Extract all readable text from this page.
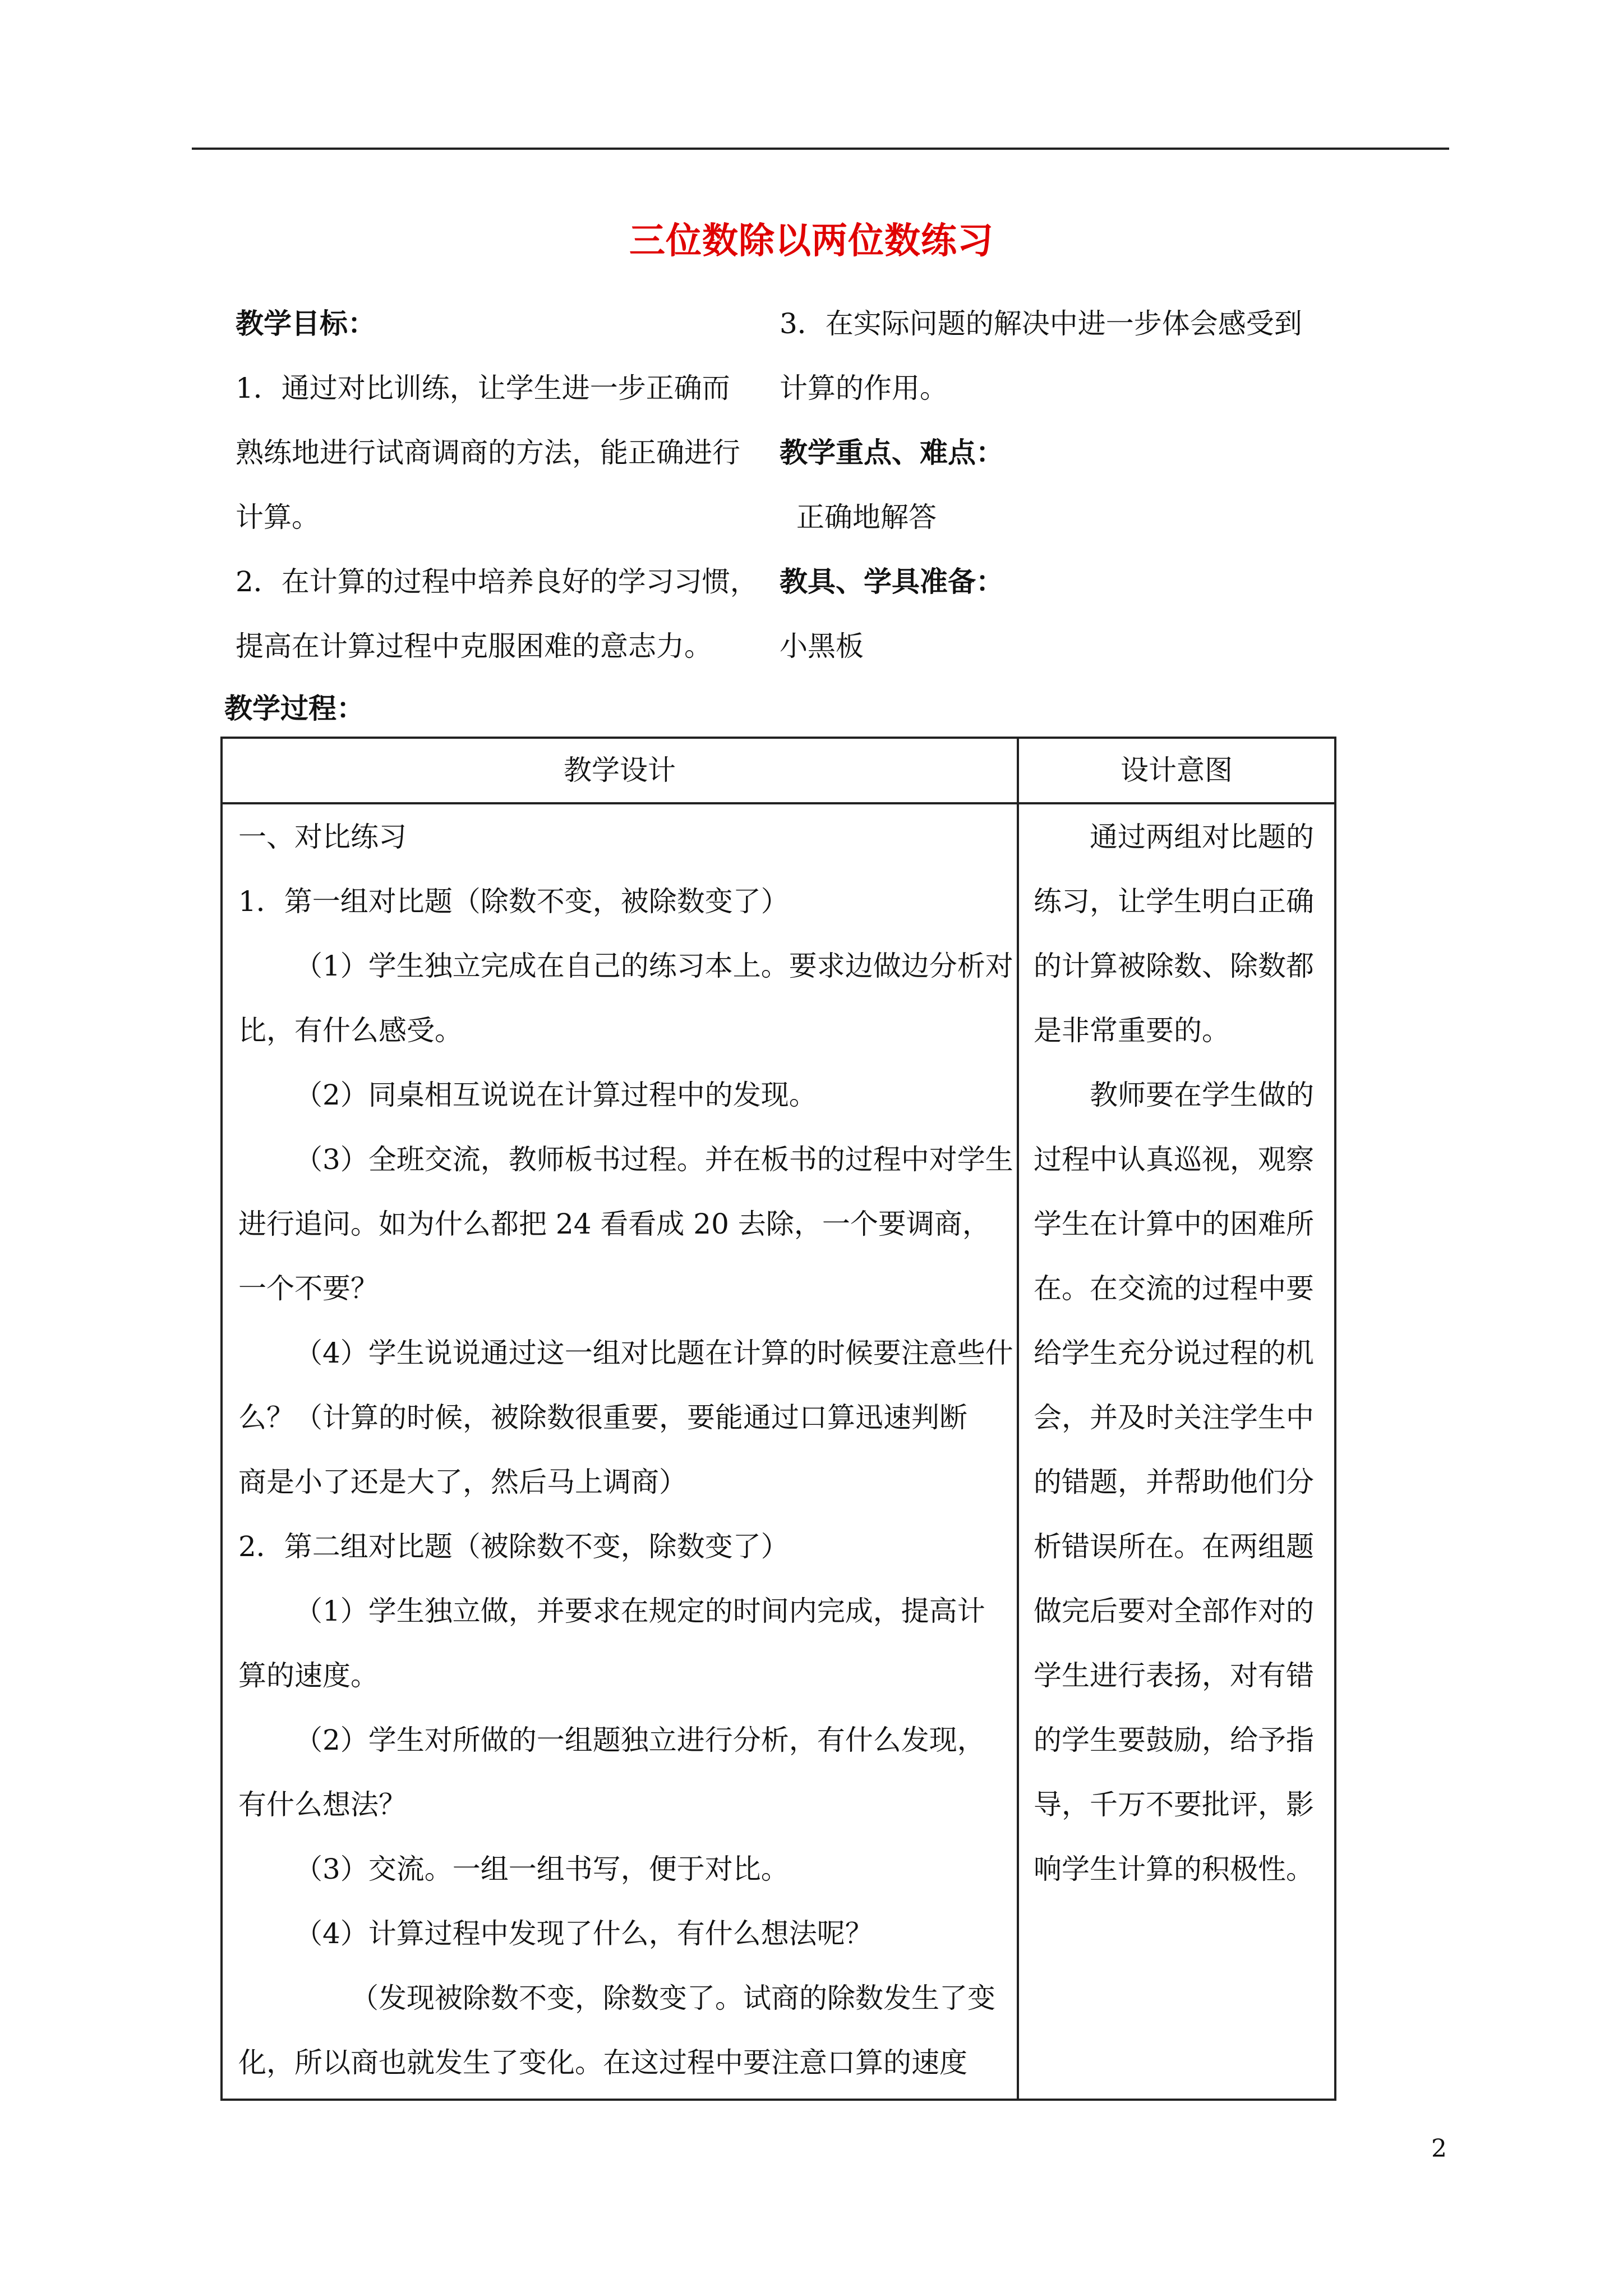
三位数除以两位数练习
教学目标：
1．通过对比训练，让学生进一步正确而
熟练地进行试商调商的方法，能正确进行
计算。
2．在计算的过程中培养良好的学习习惯，
提高在计算过程中克服困难的意志力。
3．在实际问题的解决中进一步体会感受到
计算的作用。
教学重点、难点：
正确地解答
教具、学具准备：
小黑板
教学过程：
教学设计	设计意图
一、对比练习
1．第一组对比题（除数不变，被除数变了）
（1）学生独立完成在自己的练习本上。要求边做边分析对
比，有什么感受。
（2）同桌相互说说在计算过程中的发现。
（3）全班交流，教师板书过程。并在板书的过程中对学生
进行追问。如为什么都把 24 看看成 20 去除，一个要调商，
一个不要？
（4）学生说说通过这一组对比题在计算的时候要注意些什
么？（计算的时候，被除数很重要，要能通过口算迅速判断
商是小了还是大了，然后马上调商）
2．第二组对比题（被除数不变，除数变了）
（1）学生独立做，并要求在规定的时间内完成，提高计
算的速度。
（2）学生对所做的一组题独立进行分析，有什么发现，
有什么想法？
（3）交流。一组一组书写，便于对比。
（4）计算过程中发现了什么，有什么想法呢？
（发现被除数不变，除数变了。试商的除数发生了变
化，所以商也就发生了变化。在这过程中要注意口算的速度
通过两组对比题的
练习，让学生明白正确
的计算被除数、除数都
是非常重要的。
教师要在学生做的
过程中认真巡视，观察
学生在计算中的困难所
在。在交流的过程中要
给学生充分说过程的机
会，并及时关注学生中
的错题，并帮助他们分
析错误所在。在两组题
做完后要对全部作对的
学生进行表扬，对有错
的学生要鼓励，给予指
导，千万不要批评，影
响学生计算的积极性。
2
